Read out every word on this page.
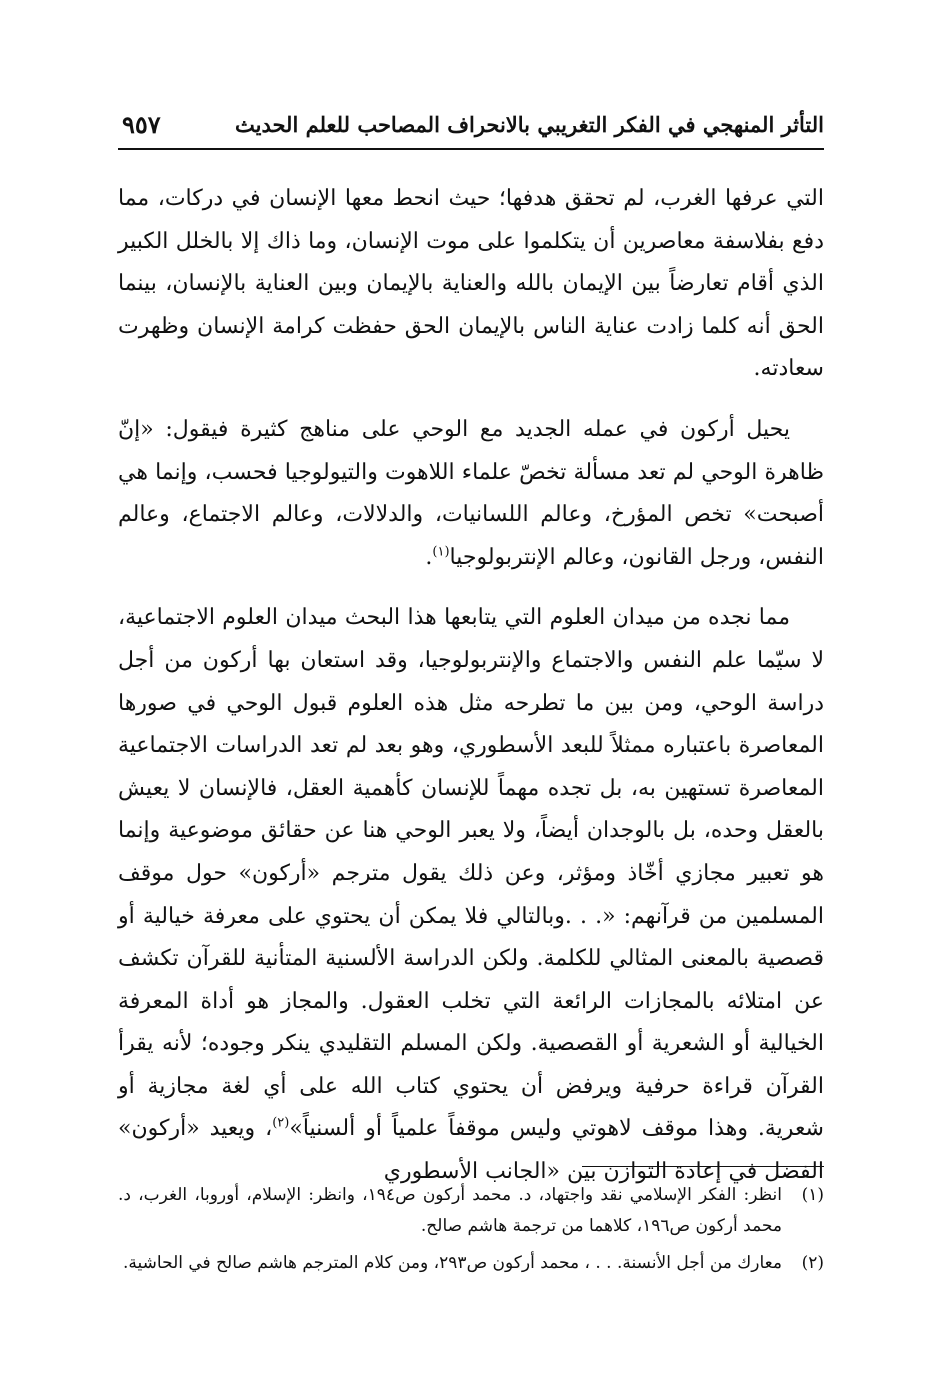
التأثر المنهجي في الفكر التغريبي بالانحراف المصاحب للعلم الحديث
٩٥٧

التي عرفها الغرب، لم تحقق هدفها؛ حيث انحط معها الإنسان في دركات، مما دفع بفلاسفة معاصرين أن يتكلموا على موت الإنسان، وما ذاك إلا بالخلل الكبير الذي أقام تعارضاً بين الإيمان بالله والعناية بالإيمان وبين العناية بالإنسان، بينما الحق أنه كلما زادت عناية الناس بالإيمان الحق حفظت كرامة الإنسان وظهرت سعادته.

يحيل أركون في عمله الجديد مع الوحي على مناهج كثيرة فيقول: «إنّ ظاهرة الوحي لم تعد مسألة تخصّ علماء اللاهوت والتيولوجيا فحسب، وإنما هي أصبحت» تخص المؤرخ، وعالم اللسانيات، والدلالات، وعالم الاجتماع، وعالم النفس، ورجل القانون، وعالم الإنتربولوجيا$^{(١)}$.

مما نجده من ميدان العلوم التي يتابعها هذا البحث ميدان العلوم الاجتماعية، لا سيّما علم النفس والاجتماع والإنتربولوجيا، وقد استعان بها أركون من أجل دراسة الوحي، ومن بين ما تطرحه مثل هذه العلوم قبول الوحي في صورها المعاصرة باعتباره ممثلاً للبعد الأسطوري، وهو بعد لم تعد الدراسات الاجتماعية المعاصرة تستهين به، بل تجده مهماً للإنسان كأهمية العقل، فالإنسان لا يعيش بالعقل وحده، بل بالوجدان أيضاً، ولا يعبر الوحي هنا عن حقائق موضوعية وإنما هو تعبير مجازي أخّاذ ومؤثر، وعن ذلك يقول مترجم «أركون» حول موقف المسلمين من قرآنهم: «. . .وبالتالي فلا يمكن أن يحتوي على معرفة خيالية أو قصصية بالمعنى المثالي للكلمة. ولكن الدراسة الألسنية المتأنية للقرآن تكشف عن امتلائه بالمجازات الرائعة التي تخلب العقول. والمجاز هو أداة المعرفة الخيالية أو الشعرية أو القصصية. ولكن المسلم التقليدي ينكر وجوده؛ لأنه يقرأ القرآن قراءة حرفية ويرفض أن يحتوي كتاب الله على أي لغة مجازية أو شعرية. وهذا موقف لاهوتي وليس موقفاً علمياً أو ألسنياً»$^{(٢)}$، ويعيد «أركون» الفضل في إعادة التوازن بين «الجانب الأسطوري

(١)
انظر: الفكر الإسلامي نقد واجتهاد، د. محمد أركون ص١٩٤، وانظر: الإسلام، أوروبا، الغرب، د. محمد أركون ص١٩٦، كلاهما من ترجمة هاشم صالح.
(٢)
معارك من أجل الأنسنة. . . ، محمد أركون ص٢٩٣، ومن كلام المترجم هاشم صالح في الحاشية.
